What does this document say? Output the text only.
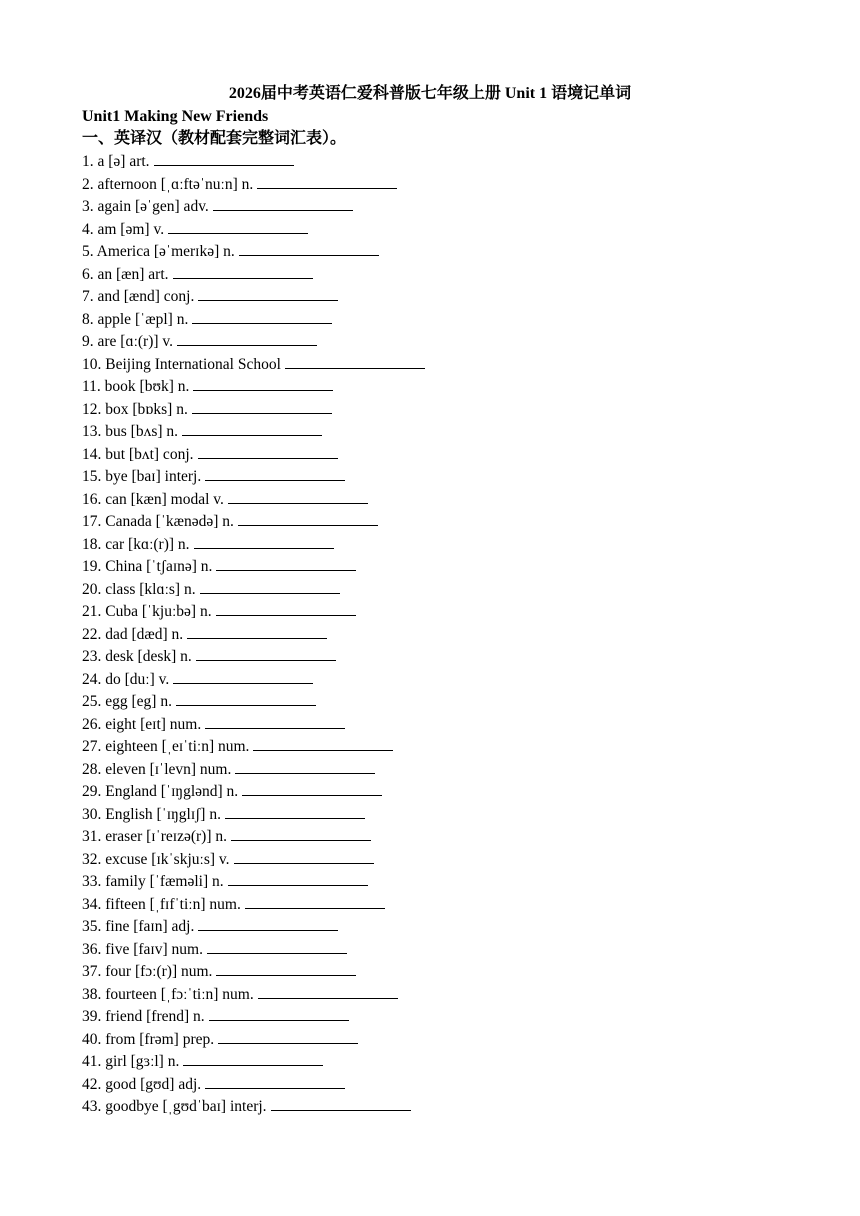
2026届中考英语仁爱科普版七年级上册 Unit 1 语境记单词
Unit1 Making New Friends
一、英译汉（教材配套完整词汇表）。
1. a [ə] art.
2. afternoon [ˌɑːftəˈnuːn] n.
3. again [əˈgen] adv.
4. am [əm] v.
5. America [əˈmerɪkə] n.
6. an [æn] art.
7. and [ænd] conj.
8. apple [ˈæpl] n.
9. are [ɑː(r)] v.
10. Beijing International School
11. book [bʊk] n.
12. box [bɒks] n.
13. bus [bʌs] n.
14. but [bʌt] conj.
15. bye [baɪ] interj.
16. can [kæn] modal v.
17. Canada [ˈkænədə] n.
18. car [kɑː(r)] n.
19. China [ˈtʃaɪnə] n.
20. class [klɑːs] n.
21. Cuba [ˈkjuːbə] n.
22. dad [dæd] n.
23. desk [desk] n.
24. do [duː] v.
25. egg [eg] n.
26. eight [eɪt] num.
27. eighteen [ˌeɪˈtiːn] num.
28. eleven [ɪˈlevn] num.
29. England [ˈɪŋglənd] n.
30. English [ˈɪŋglɪʃ] n.
31. eraser [ɪˈreɪzə(r)] n.
32. excuse [ɪkˈskjuːs] v.
33. family [ˈfæməli] n.
34. fifteen [ˌfɪfˈtiːn] num.
35. fine [faɪn] adj.
36. five [faɪv] num.
37. four [fɔː(r)] num.
38. fourteen [ˌfɔːˈtiːn] num.
39. friend [frend] n.
40. from [frəm] prep.
41. girl [gɜːl] n.
42. good [gʊd] adj.
43. goodbye [ˌgʊdˈbaɪ] interj.
